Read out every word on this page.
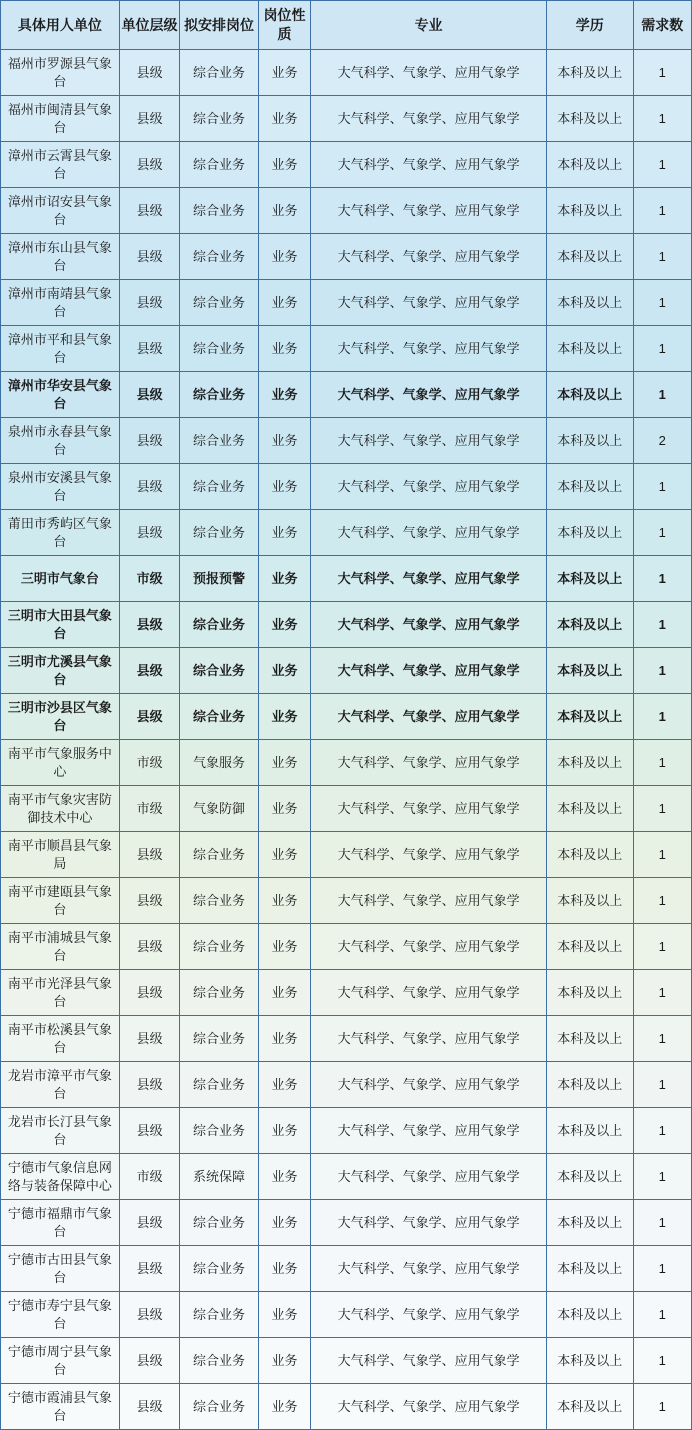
具体用人单位	单位层级	拟安排岗位	岗位性质	专业	学历	需求数
福州市罗源县气象台	县级	综合业务	业务	大气科学、气象学、应用气象学	本科及以上	1
福州市闽清县气象台	县级	综合业务	业务	大气科学、气象学、应用气象学	本科及以上	1
漳州市云霄县气象台	县级	综合业务	业务	大气科学、气象学、应用气象学	本科及以上	1
漳州市诏安县气象台	县级	综合业务	业务	大气科学、气象学、应用气象学	本科及以上	1
漳州市东山县气象台	县级	综合业务	业务	大气科学、气象学、应用气象学	本科及以上	1
漳州市南靖县气象台	县级	综合业务	业务	大气科学、气象学、应用气象学	本科及以上	1
漳州市平和县气象台	县级	综合业务	业务	大气科学、气象学、应用气象学	本科及以上	1
漳州市华安县气象台	县级	综合业务	业务	大气科学、气象学、应用气象学	本科及以上	1
泉州市永春县气象台	县级	综合业务	业务	大气科学、气象学、应用气象学	本科及以上	2
泉州市安溪县气象台	县级	综合业务	业务	大气科学、气象学、应用气象学	本科及以上	1
莆田市秀屿区气象台	县级	综合业务	业务	大气科学、气象学、应用气象学	本科及以上	1
三明市气象台	市级	预报预警	业务	大气科学、气象学、应用气象学	本科及以上	1
三明市大田县气象台	县级	综合业务	业务	大气科学、气象学、应用气象学	本科及以上	1
三明市尤溪县气象台	县级	综合业务	业务	大气科学、气象学、应用气象学	本科及以上	1
三明市沙县区气象台	县级	综合业务	业务	大气科学、气象学、应用气象学	本科及以上	1
南平市气象服务中心	市级	气象服务	业务	大气科学、气象学、应用气象学	本科及以上	1
南平市气象灾害防御技术中心	市级	气象防御	业务	大气科学、气象学、应用气象学	本科及以上	1
南平市顺昌县气象局	县级	综合业务	业务	大气科学、气象学、应用气象学	本科及以上	1
南平市建瓯县气象台	县级	综合业务	业务	大气科学、气象学、应用气象学	本科及以上	1
南平市浦城县气象台	县级	综合业务	业务	大气科学、气象学、应用气象学	本科及以上	1
南平市光泽县气象台	县级	综合业务	业务	大气科学、气象学、应用气象学	本科及以上	1
南平市松溪县气象台	县级	综合业务	业务	大气科学、气象学、应用气象学	本科及以上	1
龙岩市漳平市气象台	县级	综合业务	业务	大气科学、气象学、应用气象学	本科及以上	1
龙岩市长汀县气象台	县级	综合业务	业务	大气科学、气象学、应用气象学	本科及以上	1
宁德市气象信息网络与装备保障中心	市级	系统保障	业务	大气科学、气象学、应用气象学	本科及以上	1
宁德市福鼎市气象台	县级	综合业务	业务	大气科学、气象学、应用气象学	本科及以上	1
宁德市古田县气象台	县级	综合业务	业务	大气科学、气象学、应用气象学	本科及以上	1
宁德市寿宁县气象台	县级	综合业务	业务	大气科学、气象学、应用气象学	本科及以上	1
宁德市周宁县气象台	县级	综合业务	业务	大气科学、气象学、应用气象学	本科及以上	1
宁德市霞浦县气象台	县级	综合业务	业务	大气科学、气象学、应用气象学	本科及以上	1
